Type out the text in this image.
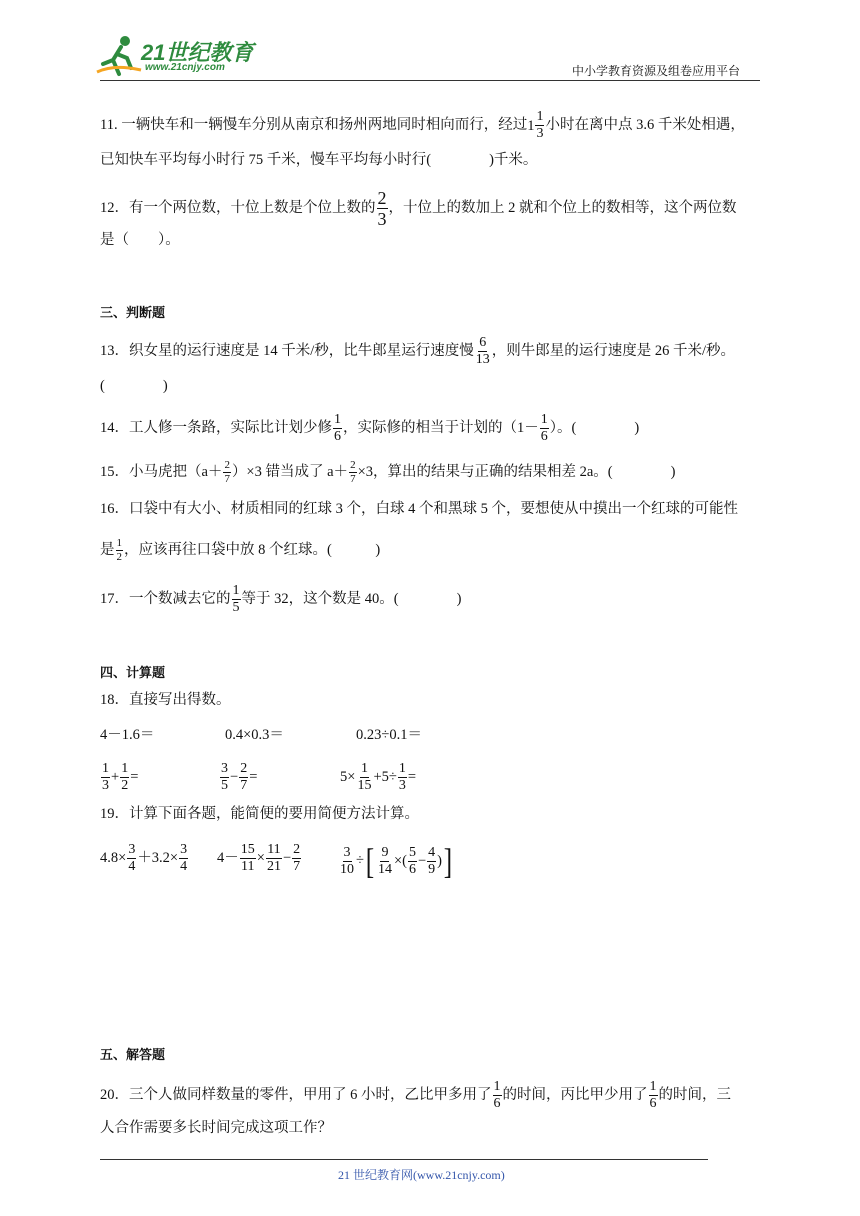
21世纪教育
www.21cnjy.com	中小学教育资源及组卷应用平台
11. 一辆快车和一辆慢车分别从南京和扬州两地同时相向而行，经过 $1 \frac{1}{3}$ 小时在离中点 3.6 千米处相遇，
已知快车平均每小时行 75 千米，慢车平均每小时行(　　　　)千米。
12．有一个两位数，十位上数是个位上数的 $\frac{2}{3}$ ，十位上的数加上 2 就和个位上的数相等，这个两位数
是（　　）。
三、判断题
13．织女星的运行速度是 14 千米/秒，比牛郎星运行速度慢 $\frac{6}{13}$ ，则牛郎星的运行速度是 26 千米/秒。
(　　　　)
14．工人修一条路，实际比计划少修 $\frac{1}{6}$ ，实际修的相当于计划的（$1- \frac{1}{6}$ ）。(　　　　)
15．小马虎把$(a+ \frac{2}{7} )\times 3$ 错当成了 $a+ \frac{2}{7} \times 3$，算出的结果与正确的结果相差 2a。(　　　　)
16．口袋中有大小、材质相同的红球 3 个，白球 4 个和黑球 5 个，要想使从中摸出一个红球的可能性
是 $\frac{1}{2}$ ，应该再往口袋中放 8 个红球。(　　　)
17．一个数减去它的 $\frac{1}{5}$ 等于 32，这个数是 40。(　　　　)
四、计算题
18．直接写出得数。
4－1.6＝	0.4×0.3＝	0.23÷0.1＝
$\frac{1}{3} + \frac{1}{2}$ =	$\frac{3}{5} - \frac{2}{7}$ =	$5\times \frac{1}{15} +5\div \frac{1}{3}$ =
19．计算下面各题，能简便的要用简便方法计算。
$4.8\times \frac{3}{4} +3.2\times \frac{3}{4} 4- \frac{15}{11} \times \frac{11}{21} - \frac{2}{7}$	$\frac{3}{10}$ ÷ [ $\frac{9}{14}$ ×( $\frac{5}{6} - \frac{4}{9}$ ) ]
五、解答题
20．三个人做同样数量的零件，甲用了 6 小时，乙比甲多用了 $\frac{1}{6}$ 的时间，丙比甲少用了 $\frac{1}{6}$ 的时间，三
人合作需要多长时间完成这项工作？
21 世纪教育网(www.21cnjy.com)
